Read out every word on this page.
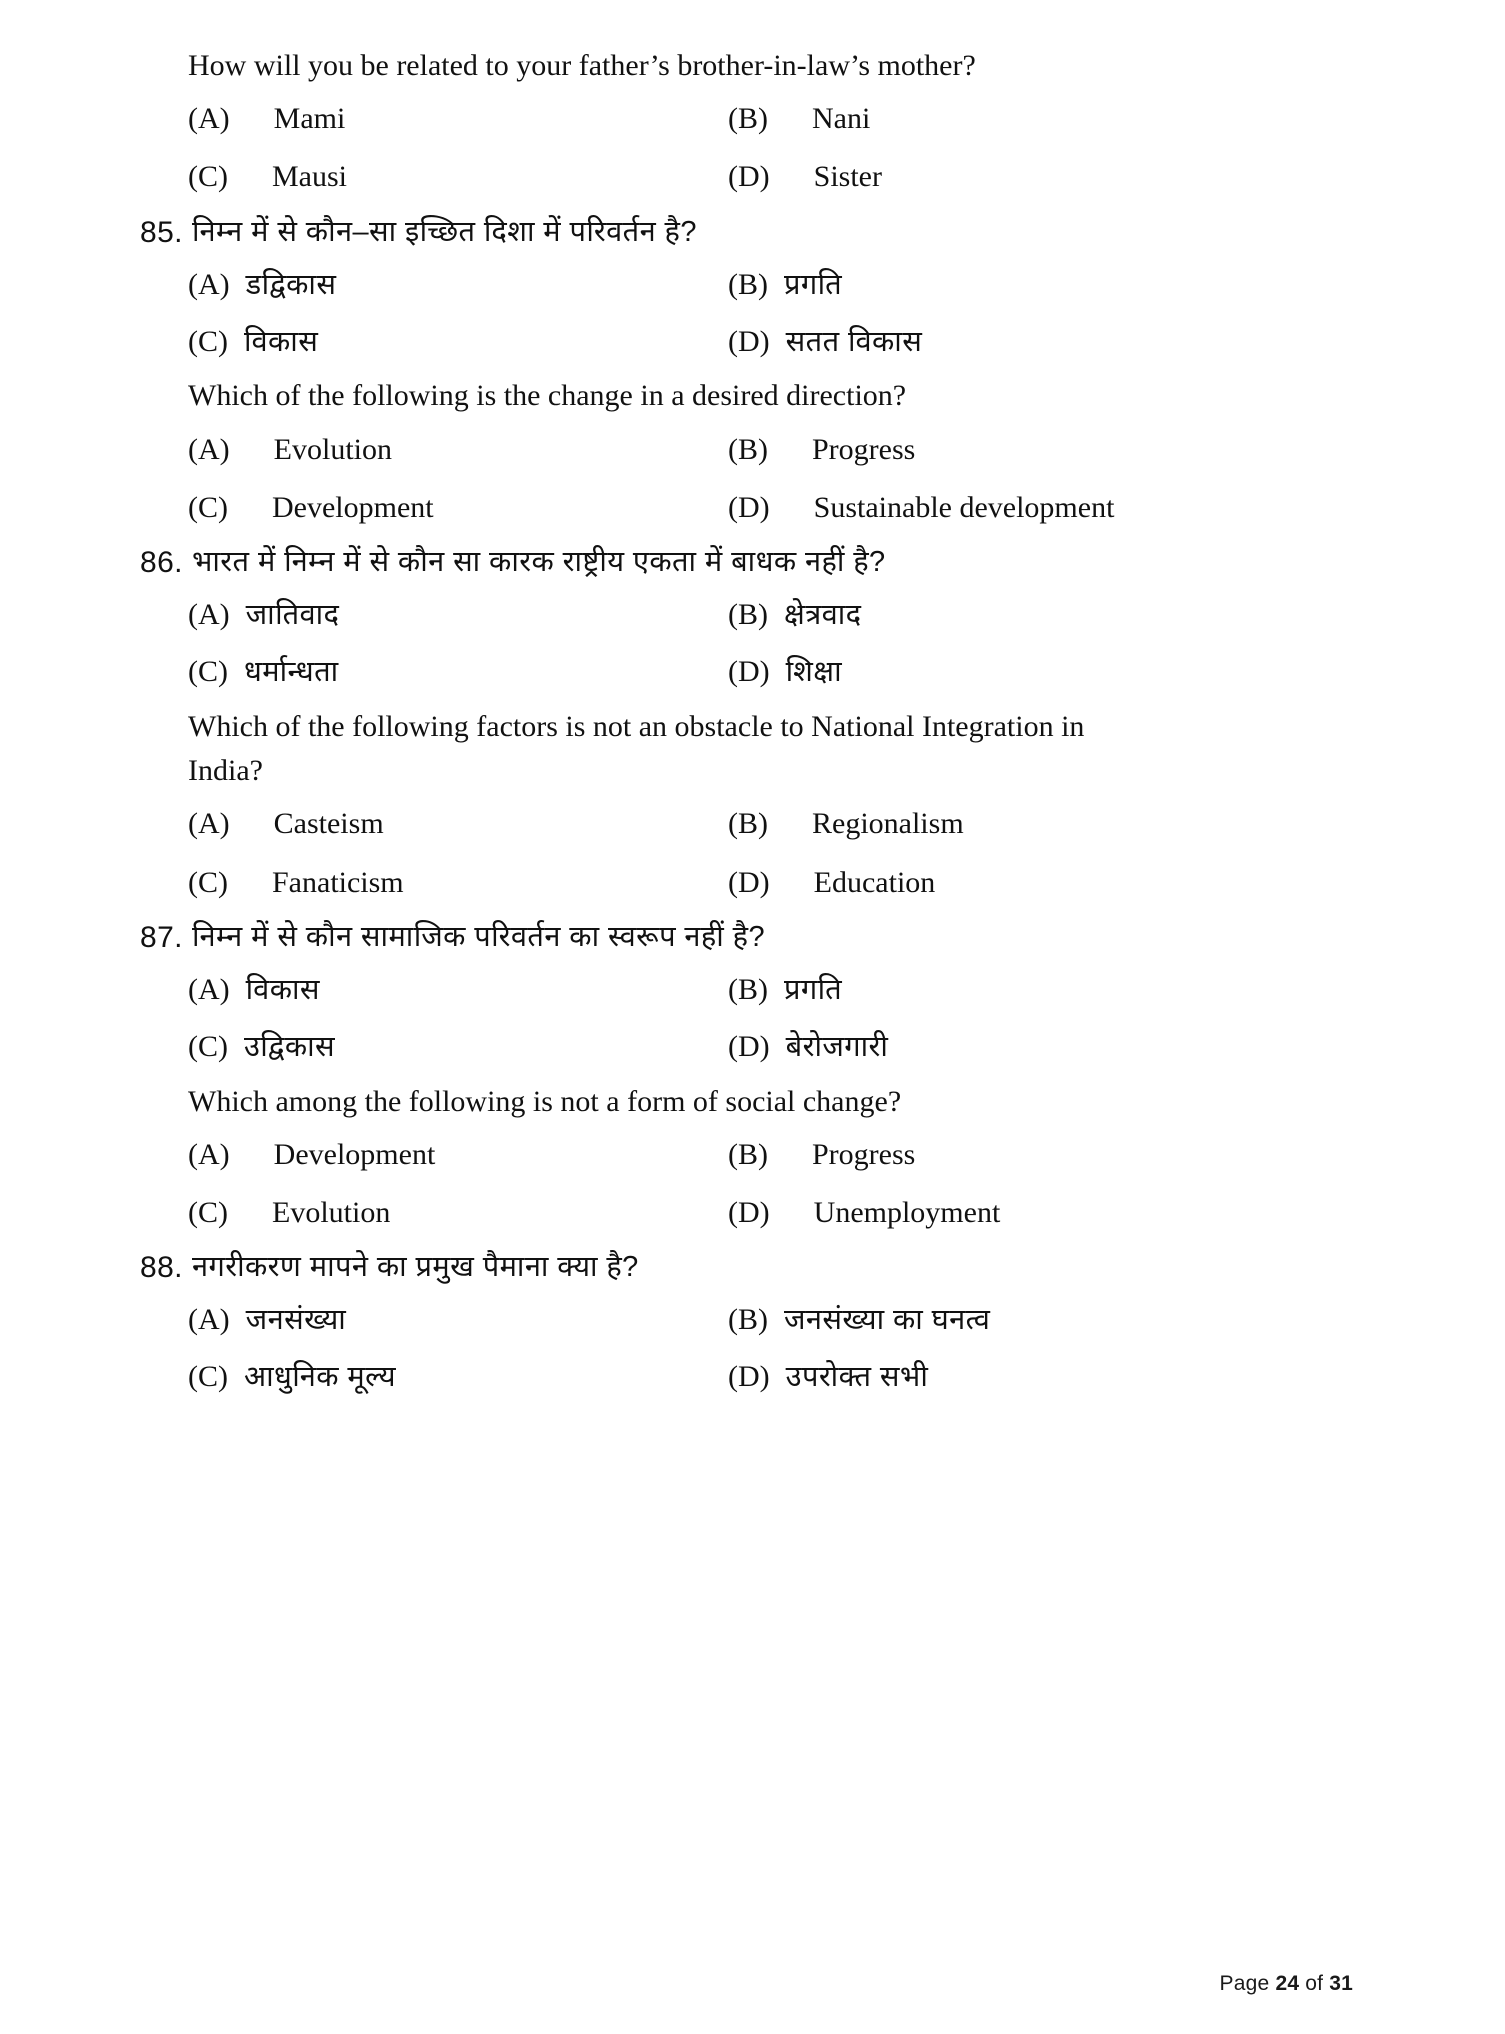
How will you be related to your father’s brother-in-law’s mother?
(A) Mami	(B) Nani
(C) Mausi	(D) Sister
85. निम्न में से कौन–सा इच्छित दिशा में परिवर्तन है?
(A) डद्विकास	(B) प्रगति
(C) विकास	(D) सतत विकास
Which of the following is the change in a desired direction?
(A) Evolution	(B) Progress
(C) Development	(D) Sustainable development
86. भारत में निम्न में से कौन सा कारक राष्ट्रीय एकता में बाधक नहीं है?
(A) जातिवाद	(B) क्षेत्रवाद
(C) धर्मान्धता	(D) शिक्षा
Which of the following factors is not an obstacle to National Integration in
India?
(A) Casteism	(B) Regionalism
(C) Fanaticism	(D) Education
87. निम्न में से कौन सामाजिक परिवर्तन का स्वरूप नहीं है?
(A) विकास	(B) प्रगति
(C) उद्विकास	(D) बेरोजगारी
Which among the following is not a form of social change?
(A) Development	(B) Progress
(C) Evolution	(D) Unemployment
88. नगरीकरण मापने का प्रमुख पैमाना क्या है?
(A) जनसंख्या	(B) जनसंख्या का घनत्व
(C) आधुनिक मूल्य	(D) उपरोक्त सभी
Page 24 of 31
